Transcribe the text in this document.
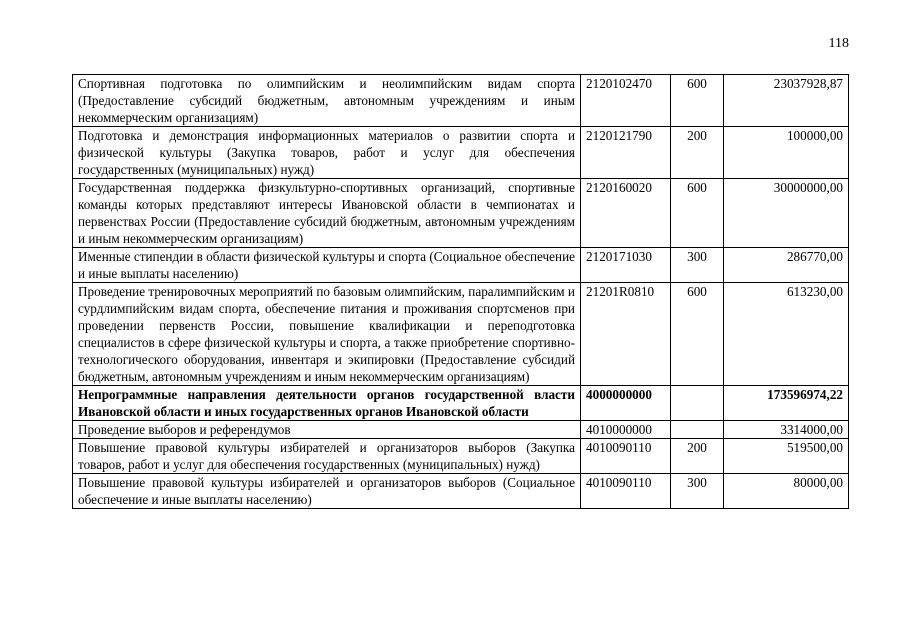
118
Спортивная подготовка по олимпийским и неолимпийским видам спорта (Предоставление субсидий бюджетным, автономным учреждениям и иным некоммерческим организациям)	2120102470	600	23037928,87
Подготовка и демонстрация информационных материалов о развитии спорта и физической культуры (Закупка товаров, работ и услуг для обеспечения государственных (муниципальных) нужд)	2120121790	200	100000,00
Государственная поддержка физкультурно-спортивных организаций, спортивные команды которых представляют интересы Ивановской области в чемпионатах и первенствах России (Предоставление субсидий бюджетным, автономным учреждениям и иным некоммерческим организациям)	2120160020	600	30000000,00
Именные стипендии в области физической культуры и спорта (Социальное обеспечение и иные выплаты населению)	2120171030	300	286770,00
Проведение тренировочных мероприятий по базовым олимпийским, паралимпийским и сурдлимпийским видам спорта, обеспечение питания и проживания спортсменов при проведении первенств России, повышение квалификации и переподготовка специалистов в сфере физической культуры и спорта, а также приобретение спортивно-технологического оборудования, инвентаря и экипировки (Предоставление субсидий бюджетным, автономным учреждениям и иным некоммерческим организациям)	21201R0810	600	613230,00
Непрограммные направления деятельности органов государственной власти Ивановской области и иных государственных органов Ивановской области	4000000000		173596974,22
Проведение выборов и референдумов	4010000000		3314000,00
Повышение правовой культуры избирателей и организаторов выборов (Закупка товаров, работ и услуг для обеспечения государственных (муниципальных) нужд)	4010090110	200	519500,00
Повышение правовой культуры избирателей и организаторов выборов (Социальное обеспечение и иные выплаты населению)	4010090110	300	80000,00
